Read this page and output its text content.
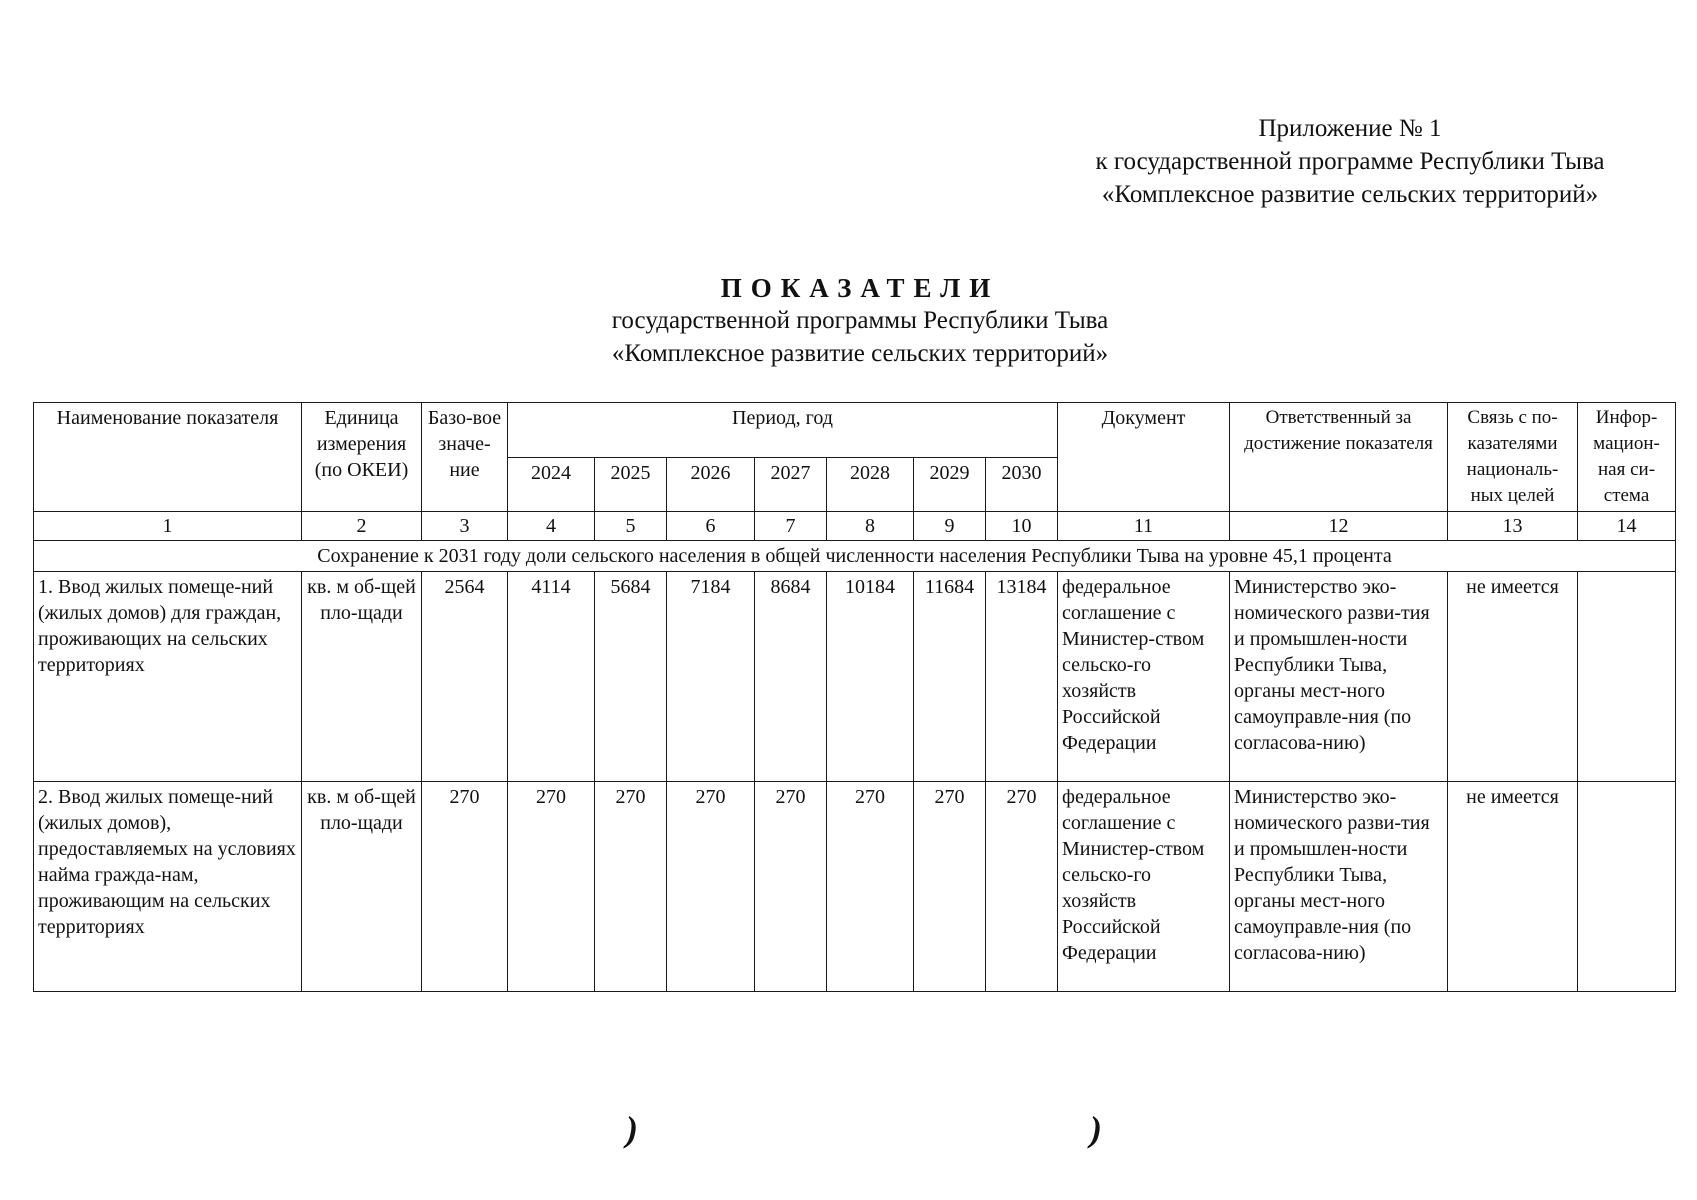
Приложение № 1
к государственной программе Республики Тыва
«Комплексное развитие сельских территорий»
ПОКАЗАТЕЛИ
государственной программы Республики Тыва
«Комплексное развитие сельских территорий»
Наименование показателя	Единица измерения (по ОКЕИ)	Базо-вое значе-ние	Период, год							Документ	Ответственный за достижение показателя	Связь с по-казателями националь-ных целей	Инфор-мацион-ная си-стема
			2024	2025	2026	2027	2028	2029	2030				
1	2	3	4	5	6	7	8	9	10	11	12	13	14
Сохранение к 2031 году доли сельского населения в общей численности населения Республики Тыва на уровне 45,1 процента													
1. Ввод жилых помеще-ний (жилых домов) для граждан, проживающих на сельских территориях	кв. м об-щей пло-щади	2564	4114	5684	7184	8684	10184	11684	13184	федеральное соглашение с Министер-ством сельско-го хозяйств Российской Федерации	Министерство эко-номического разви-тия и промышлен-ности Республики Тыва, органы мест-ного самоуправле-ния (по согласова-нию)	не имеется	
2. Ввод жилых помеще-ний (жилых домов), предоставляемых на условиях найма гражда-нам, проживающим на сельских территориях	кв. м об-щей пло-щади	270	270	270	270	270	270	270	270	федеральное соглашение с Министер-ством сельско-го хозяйств Российской Федерации	Министерство эко-номического разви-тия и промышлен-ности Республики Тыва, органы мест-ного самоуправле-ния (по согласова-нию)	не имеется	
)	)
